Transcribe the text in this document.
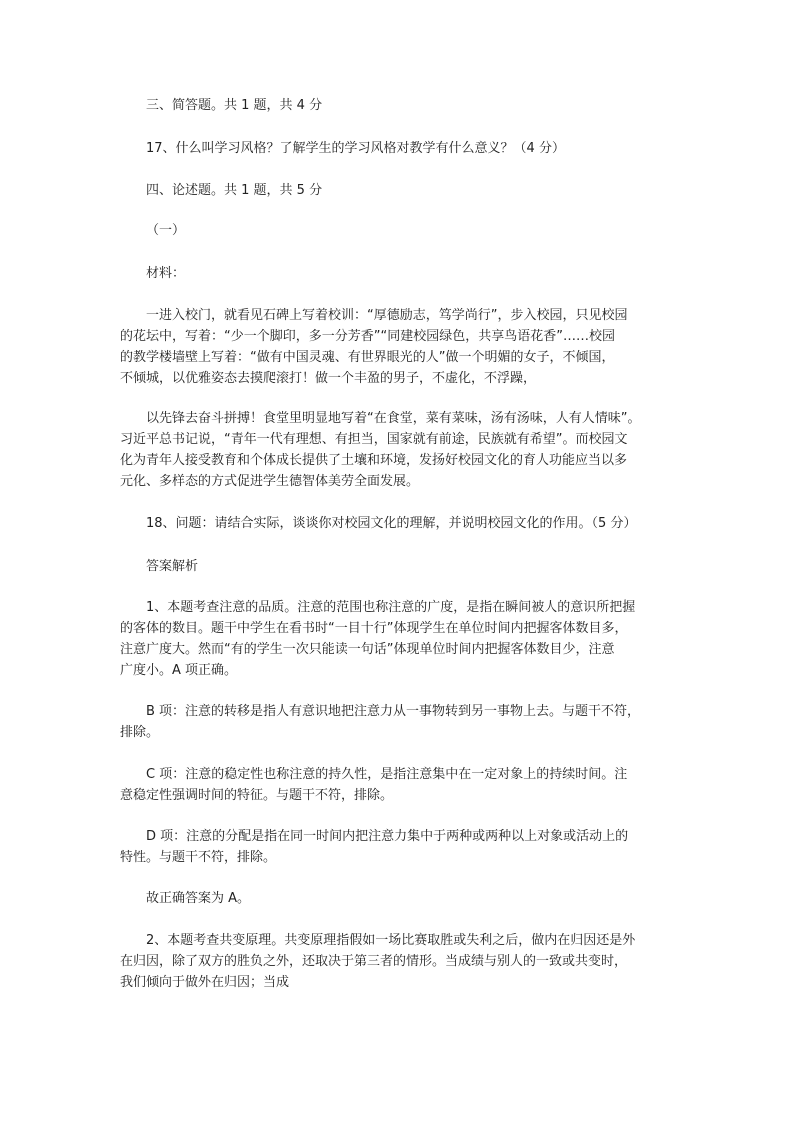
三、简答题。共 1 题，共 4 分

17、什么叫学习风格？了解学生的学习风格对教学有什么意义？（4 分）

四、论述题。共 1 题，共 5 分

（一）

材料：

一进入校门，就看见石碑上写着校训：“厚德励志，笃学尚行”，步入校园，只见校园
的花坛中，写着：“少一个脚印，多一分芳香”“同建校园绿色，共享鸟语花香”……校园
的教学楼墙壁上写着：“做有中国灵魂、有世界眼光的人”做一个明媚的女子，不倾国，
不倾城，以优雅姿态去摸爬滚打！做一个丰盈的男子，不虚化，不浮躁，
以先锋去奋斗拼搏！食堂里明显地写着“在食堂，菜有菜味，汤有汤味，人有人情味”。
习近平总书记说，“青年一代有理想、有担当，国家就有前途，民族就有希望”。而校园文
化为青年人接受教育和个体成长提供了土壤和环境，发扬好校园文化的育人功能应当以多
元化、多样态的方式促进学生德智体美劳全面发展。

18、问题：请结合实际，谈谈你对校园文化的理解，并说明校园文化的作用。（5 分）

答案解析

1、本题考查注意的品质。注意的范围也称注意的广度，是指在瞬间被人的意识所把握
的客体的数目。题干中学生在看书时“一目十行”体现学生在单位时间内把握客体数目多，
注意广度大。然而“有的学生一次只能读一句话”体现单位时间内把握客体数目少，注意
广度小。A 项正确。
B 项：注意的转移是指人有意识地把注意力从一事物转到另一事物上去。与题干不符，
排除。
C 项：注意的稳定性也称注意的持久性，是指注意集中在一定对象上的持续时间。注
意稳定性强调时间的特征。与题干不符，排除。
D 项：注意的分配是指在同一时间内把注意力集中于两种或两种以上对象或活动上的
特性。与题干不符，排除。

故正确答案为 A。

2、本题考查共变原理。共变原理指假如一场比赛取胜或失利之后，做内在归因还是外
在归因，除了双方的胜负之外，还取决于第三者的情形。当成绩与别人的一致或共变时，
我们倾向于做外在归因；当成
